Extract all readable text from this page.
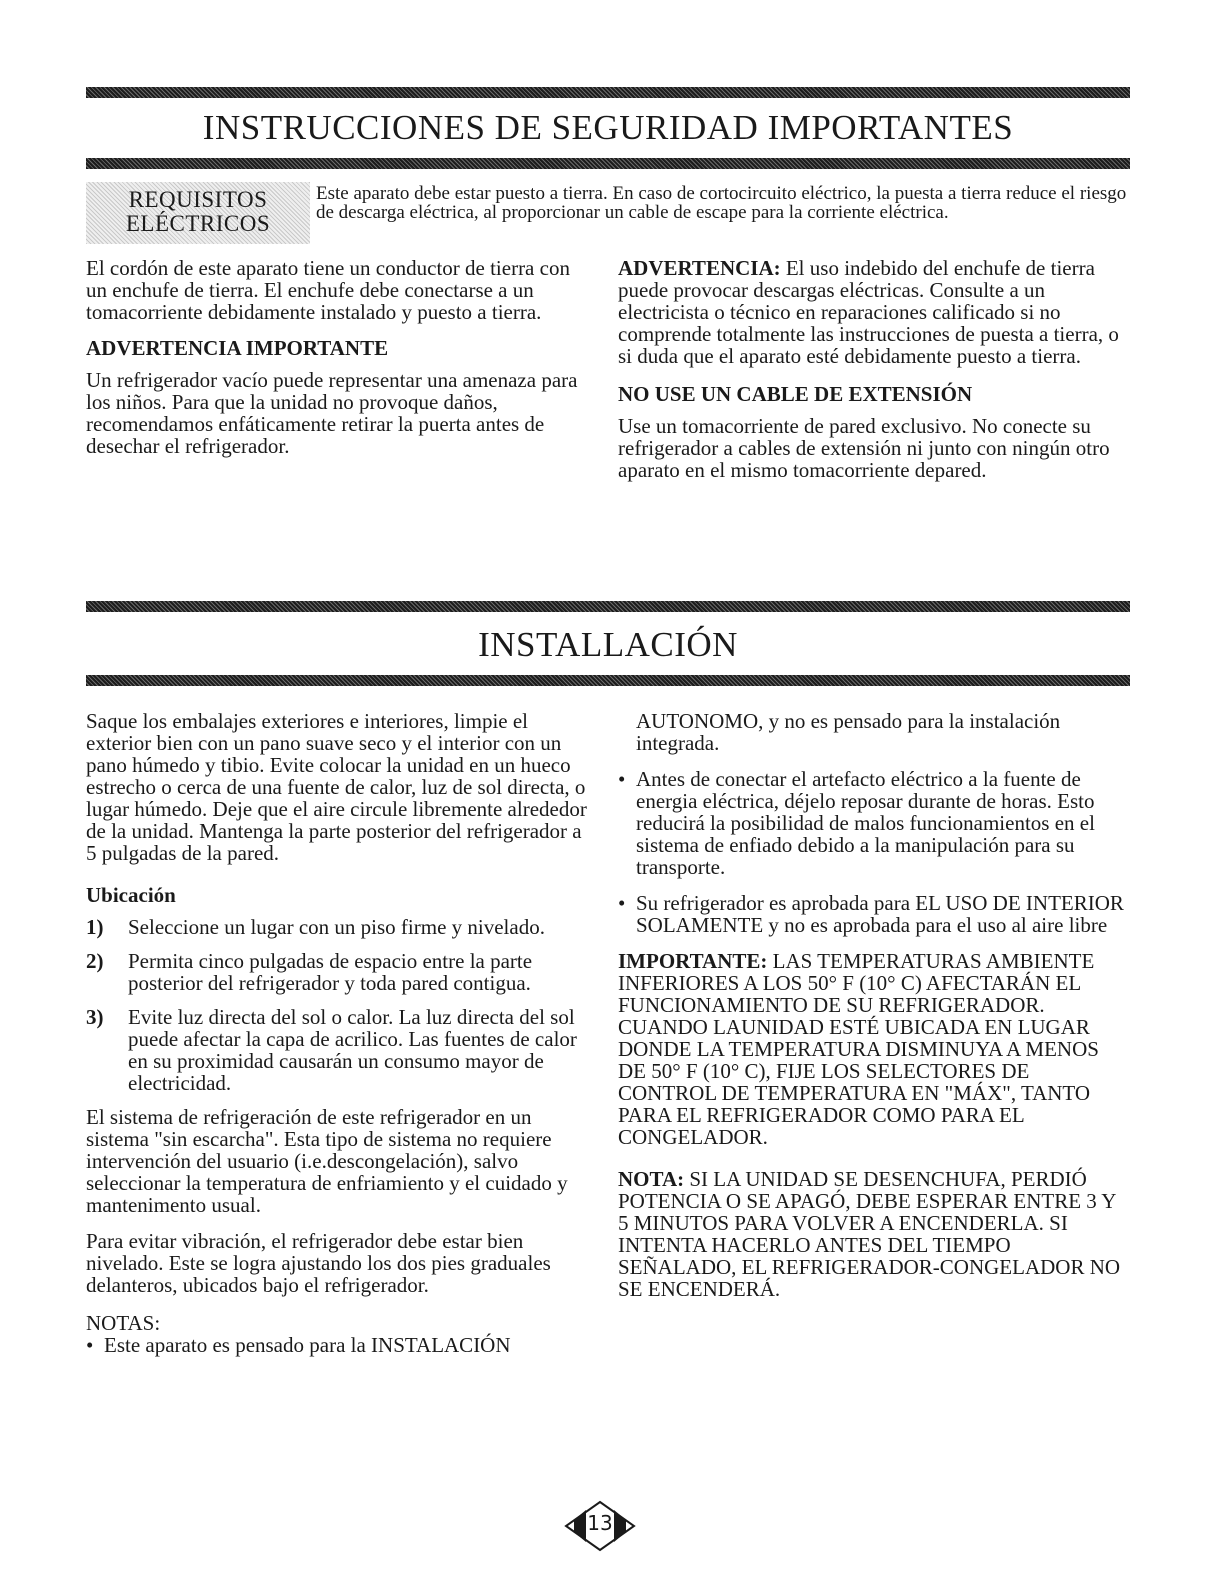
INSTRUCCIONES DE SEGURIDAD IMPORTANTES
REQUISITOS
ELÉCTRICOS
Este aparato debe estar puesto a tierra. En caso de cortocircuito eléctrico, la puesta a tierra reduce el riesgo de descarga eléctrica, al proporcionar un cable de escape para la corriente eléctrica.

El cordón de este aparato tiene un conductor de tierra con un enchufe de tierra. El enchufe debe conectarse a un tomacorriente debidamente instalado y puesto a tierra.

ADVERTENCIA IMPORTANTE

Un refrigerador vacío puede representar una amenaza para los niños. Para que la unidad no provoque daños, recomendamos enfáticamente retirar la puerta antes de desechar el refrigerador.

ADVERTENCIA: El uso indebido del enchufe de tierra puede provocar descargas eléctricas. Consulte a un electricista o técnico en reparaciones calificado si no comprende totalmente las instrucciones de puesta a tierra, o si duda que el aparato esté debidamente puesto a tierra.

NO USE UN CABLE DE EXTENSIÓN

Use un tomacorriente de pared exclusivo. No conecte su refrigerador a cables de extensión ni junto con ningún otro aparato en el mismo tomacorriente depared.

INSTALLACIÓN

Saque los embalajes exteriores e interiores, limpie el exterior bien con un pano suave seco y el interior con un pano húmedo y tibio. Evite colocar la unidad en un hueco estrecho o cerca de una fuente de calor, luz de sol directa, o lugar húmedo. Deje que el aire circule libremente alrededor de la unidad. Mantenga la parte posterior del refrigerador a 5 pulgadas de la pared.

Ubicación

1)	Seleccione un lugar con un piso firme y nivelado.
2)	Permita cinco pulgadas de espacio entre la parte posterior del refrigerador y toda pared contigua.
3)	Evite luz directa del sol o calor. La luz directa del sol puede afectar la capa de acrilico. Las fuentes de calor en su proximidad causarán un consumo mayor de electricidad.

El sistema de refrigeración de este refrigerador en un sistema "sin escarcha". Esta tipo de sistema no requiere intervención del usuario (i.e.descongelación), salvo seleccionar la temperatura de enfriamiento y el cuidado y mantenimento usual.

Para evitar vibración, el refrigerador debe estar bien nivelado. Este se logra ajustando los dos pies graduales delanteros, ubicados bajo el refrigerador.

NOTAS:

• Este aparato es pensado para la INSTALACIÓN

AUTONOMO, y no es pensado para la instalación integrada.

• Antes de conectar el artefacto eléctrico a la fuente de energia eléctrica, déjelo reposar durante de horas. Esto reducirá la posibilidad de malos funcionamientos en el sistema de enfiado debido a la manipulación para su transporte.
• Su refrigerador es aprobada para EL USO DE INTERIOR SOLAMENTE y no es aprobada para el uso al aire libre

IMPORTANTE: LAS TEMPERATURAS AMBIENTE INFERIORES A LOS 50° F (10° C) AFECTARÁN EL FUNCIONAMIENTO DE SU REFRIGERADOR. CUANDO LAUNIDAD ESTÉ UBICADA EN LUGAR DONDE LA TEMPERATURA DISMINUYA A MENOS DE 50° F (10° C), FIJE LOS SELECTORES DE CONTROL DE TEMPERATURA EN "MÁX", TANTO PARA EL REFRIGERADOR COMO PARA EL CONGELADOR.

NOTA: SI LA UNIDAD SE DESENCHUFA, PERDIÓ POTENCIA O SE APAGÓ, DEBE ESPERAR ENTRE 3 Y 5 MINUTOS PARA VOLVER A ENCENDERLA. SI INTENTA HACERLO ANTES DEL TIEMPO SEÑALADO, EL REFRIGERADOR-CONGELADOR NO SE ENCENDERÁ.

13
